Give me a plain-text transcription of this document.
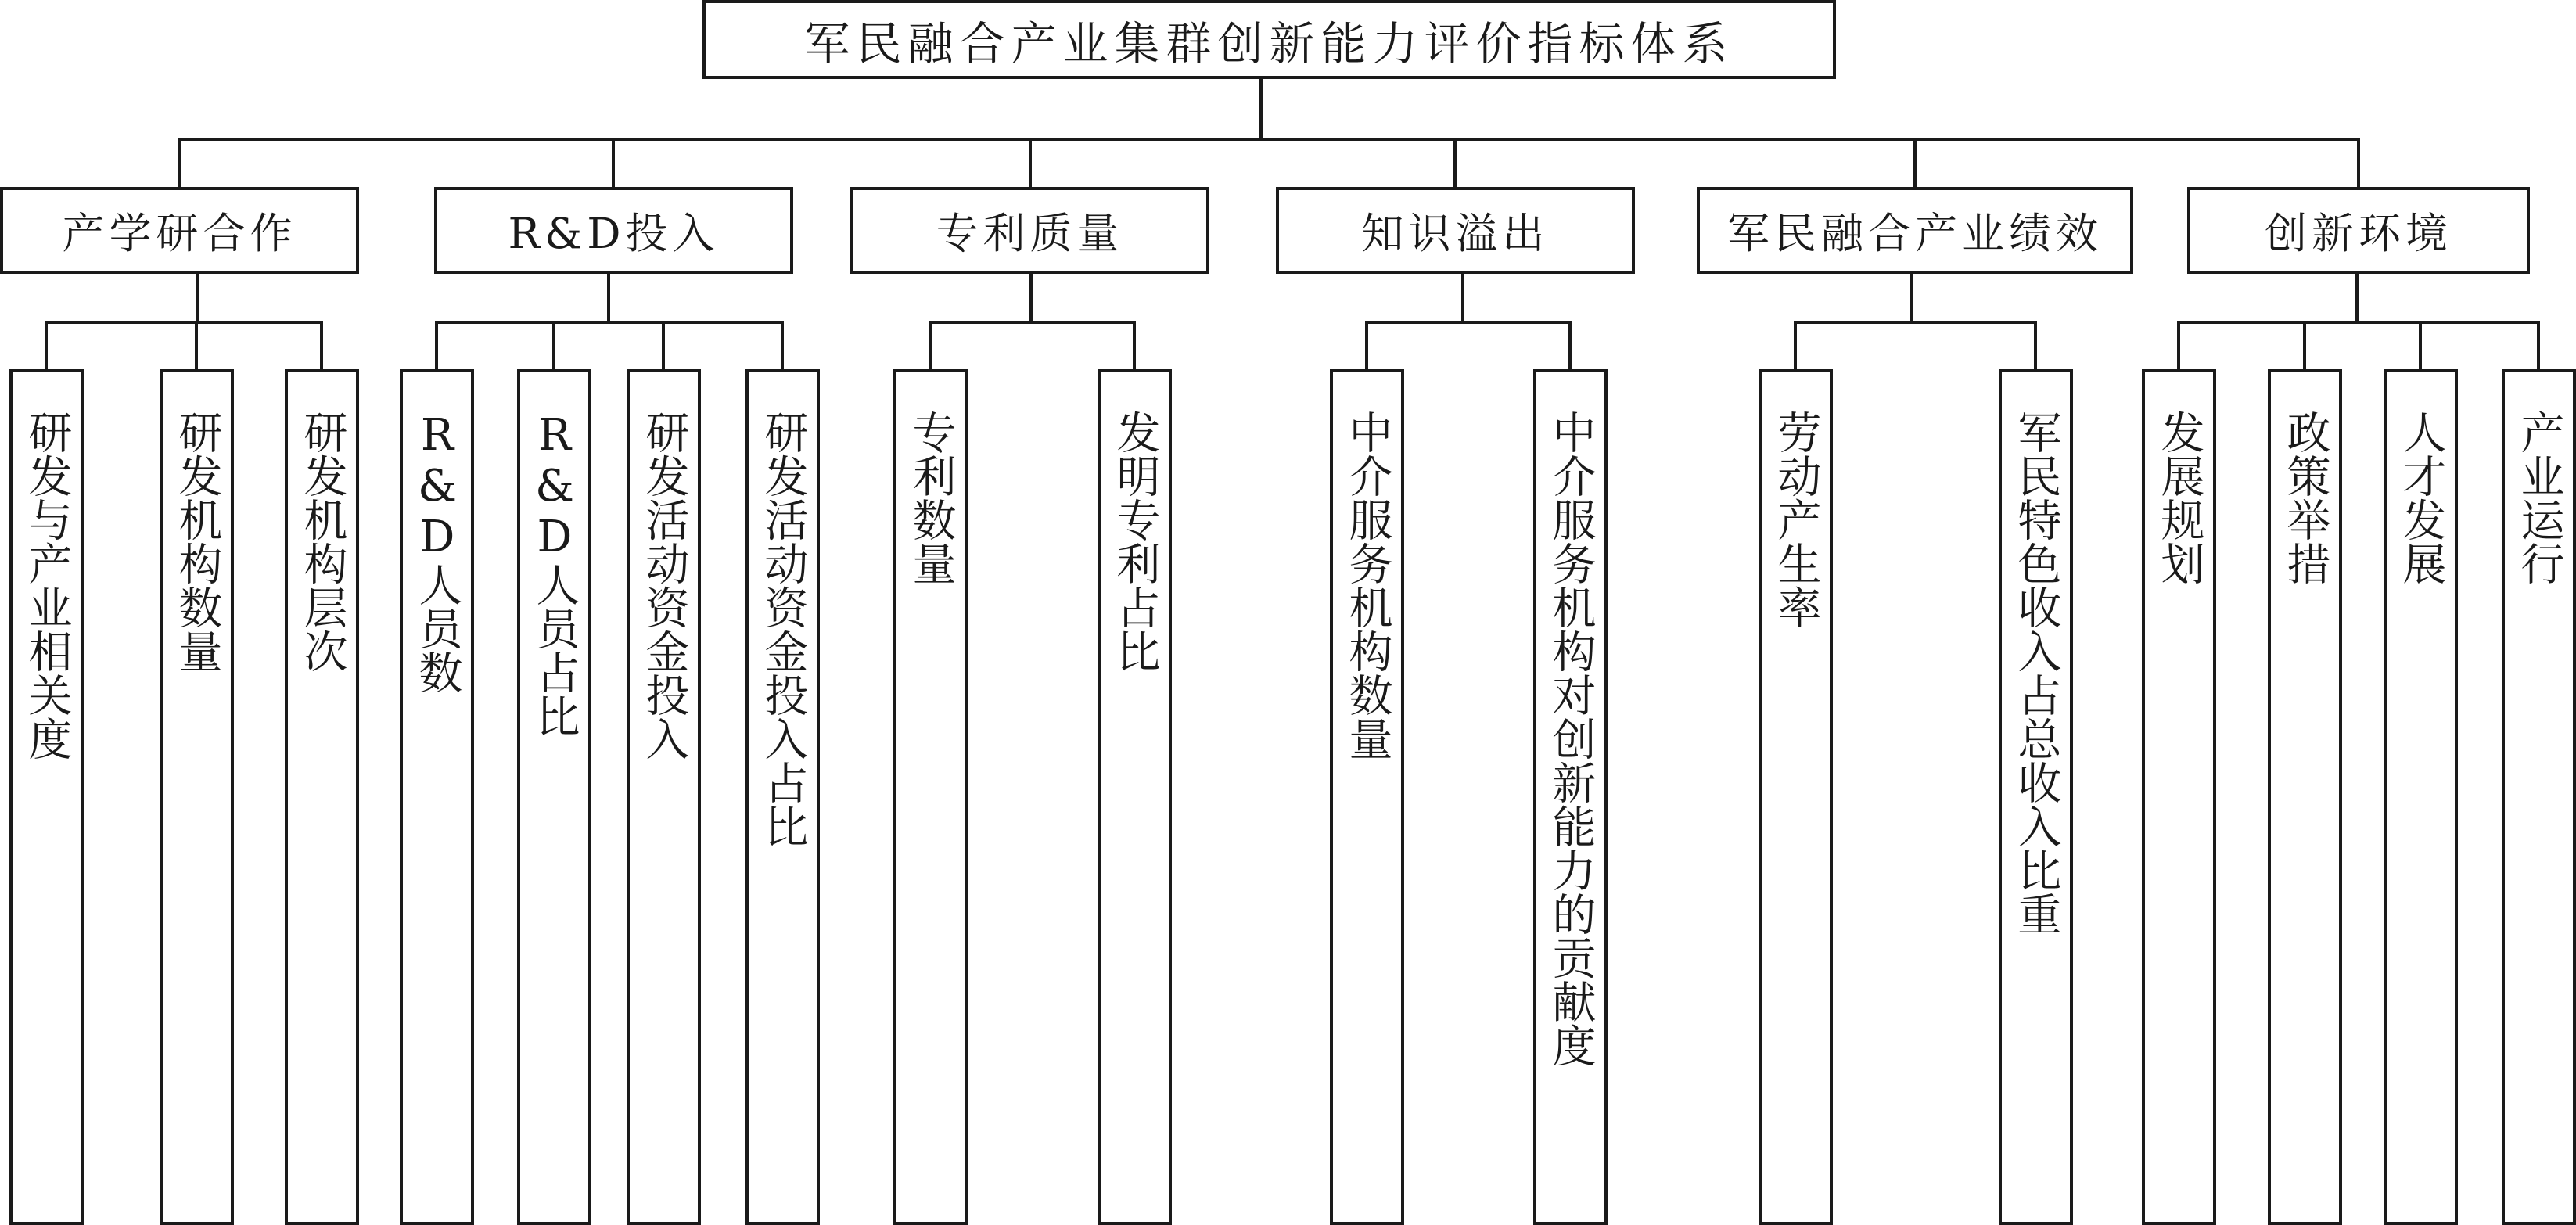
军民融合产业集群创新能力评价指标体系
产学研合作	R&D投入	专利质量	知识溢出	军民融合产业绩效	创新环境
研发与产业相关度 研发机构数量 研发机构层次 R&D人员数 R&D人员占比 研发活动资金投入 研发活动资金投入占比 专利数量	发明专利占比	中介服务机构数量	中介服务机构对创新能力的贡献度	劳动产生率	军民特色收入占总收入比重 发展规划 政策举措 人才发展 产业运行
